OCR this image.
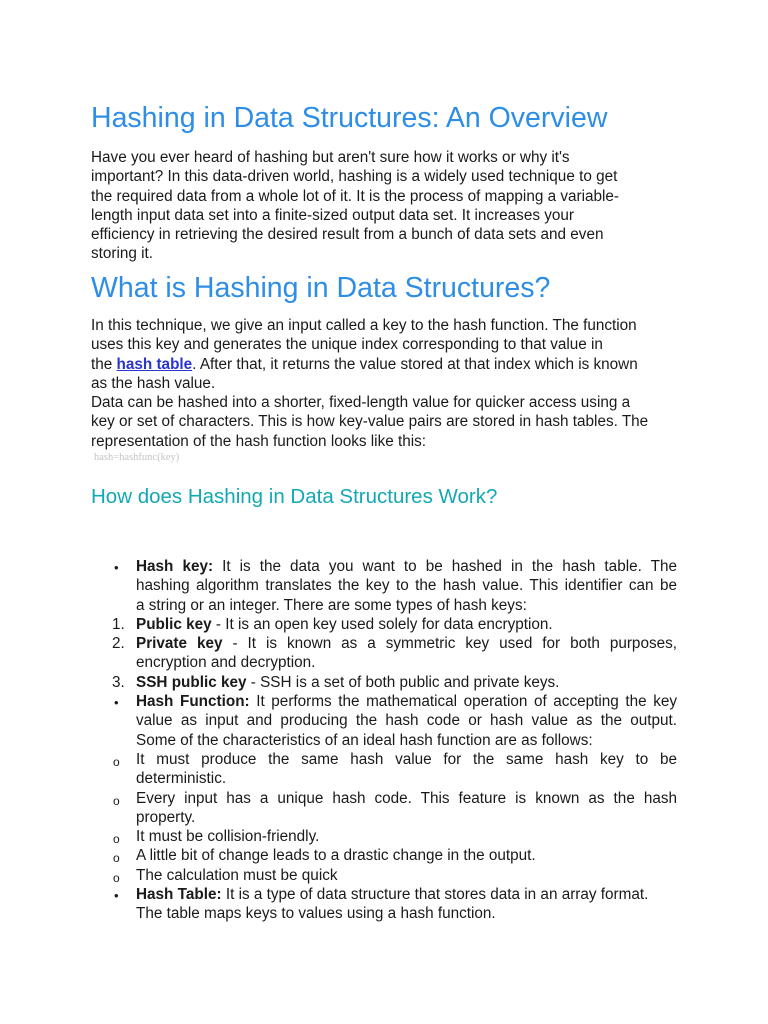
Hashing in Data Structures: An Overview

Have you ever heard of hashing but aren't sure how it works or why it's
important? In this data-driven world, hashing is a widely used technique to get
the required data from a whole lot of it. It is the process of mapping a variable-
length input data set into a finite-sized output data set. It increases your
efficiency in retrieving the desired result from a bunch of data sets and even
storing it.

What is Hashing in Data Structures?

In this technique, we give an input called a key to the hash function. The function
uses this key and generates the unique index corresponding to that value in
the hash table. After that, it returns the value stored at that index which is known
as the hash value.
Data can be hashed into a shorter, fixed-length value for quicker access using a
key or set of characters. This is how key-value pairs are stored in hash tables. The
representation of the hash function looks like this:

hash=hashfunc(key)

How does Hashing in Data Structures Work?
•	Hash key: It is the data you want to be hashed in the hash table. The
hashing algorithm translates the key to the hash value. This identifier can be
a string or an integer. There are some types of hash keys:
1. Public key - It is an open key used solely for data encryption.
2. Private key - It is known as a symmetric key used for both purposes,
encryption and decryption.
3. SSH public key - SSH is a set of both public and private keys.
•	Hash Function: It performs the mathematical operation of accepting the key
value as input and producing the hash code or hash value as the output.
Some of the characteristics of an ideal hash function are as follows:
o	It must produce the same hash value for the same hash key to be
deterministic.
o	Every input has a unique hash code. This feature is known as the hash
property.
o	It must be collision-friendly.
o	A little bit of change leads to a drastic change in the output.
o	The calculation must be quick
•	Hash Table: It is a type of data structure that stores data in an array format.
The table maps keys to values using a hash function.
